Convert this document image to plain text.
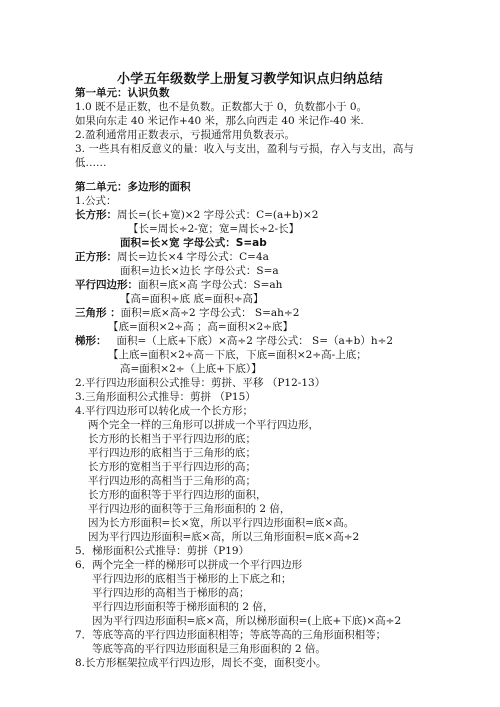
小学五年级数学上册复习教学知识点归纳总结
第一单元：认识负数
1.0 既不是正数，也不是负数。正数都大于 0，负数都小于 0。
如果向东走 40 米记作+40 米，那么向西走 40 米记作-40 米.
2.盈利通常用正数表示，亏损通常用负数表示。
3. 一些具有相反意义的量：收入与支出，盈利与亏损，存入与支出，高与
低……
第二单元：多边形的面积
1.公式：
长方形：周长=(长+宽)×2 字母公式：C=(a+b)×2
【长=周长÷2-宽；宽=周长÷2-长】
面积=长×宽 字母公式：S=ab
正方形：周长=边长×4 字母公式：C=4a
面积=边长×边长 字母公式：S=a
平行四边形：面积=底×高 字母公式：S=ah
【高=面积÷底 底=面积÷高】
三角形 ：面积=底×高÷2 字母公式： S=ah÷2
【底=面积×2÷高 ；高=面积×2÷底】
梯形： 面积=（上底+下底）×高÷2 字母公式： S=（a+b）h÷2
【上底=面积×2÷高－下底，下底=面积×2÷高-上底；
高=面积×2÷（上底+下底）】
2.平行四边形面积公式推导：剪拼、平移 （P12-13）
3.三角形面积公式推导：剪拼 （P15）
4.平行四边形可以转化成一个长方形；
两个完全一样的三角形可以拼成一个平行四边形，
长方形的长相当于平行四边形的底；
平行四边形的底相当于三角形的底；
长方形的宽相当于平行四边形的高；
平行四边形的高相当于三角形的高；
长方形的面积等于平行四边形的面积，
平行四边形的面积等于三角形面积的 2 倍，
因为长方形面积=长×宽，所以平行四边形面积=底×高。
因为平行四边形面积=底×高，所以三角形面积=底×高÷2
5．梯形面积公式推导：剪拼（P19）
6．两个完全一样的梯形可以拼成一个平行四边形
平行四边形的底相当于梯形的上下底之和；
平行四边形的高相当于梯形的高；
平行四边形面积等于梯形面积的 2 倍，
因为平行四边形面积=底×高，所以梯形面积=(上底+下底)×高÷2
7．等底等高的平行四边形面积相等；等底等高的三角形面积相等；
等底等高的平行四边形面积是三角形面积的 2 倍。
8.长方形框架拉成平行四边形，周长不变，面积变小。
